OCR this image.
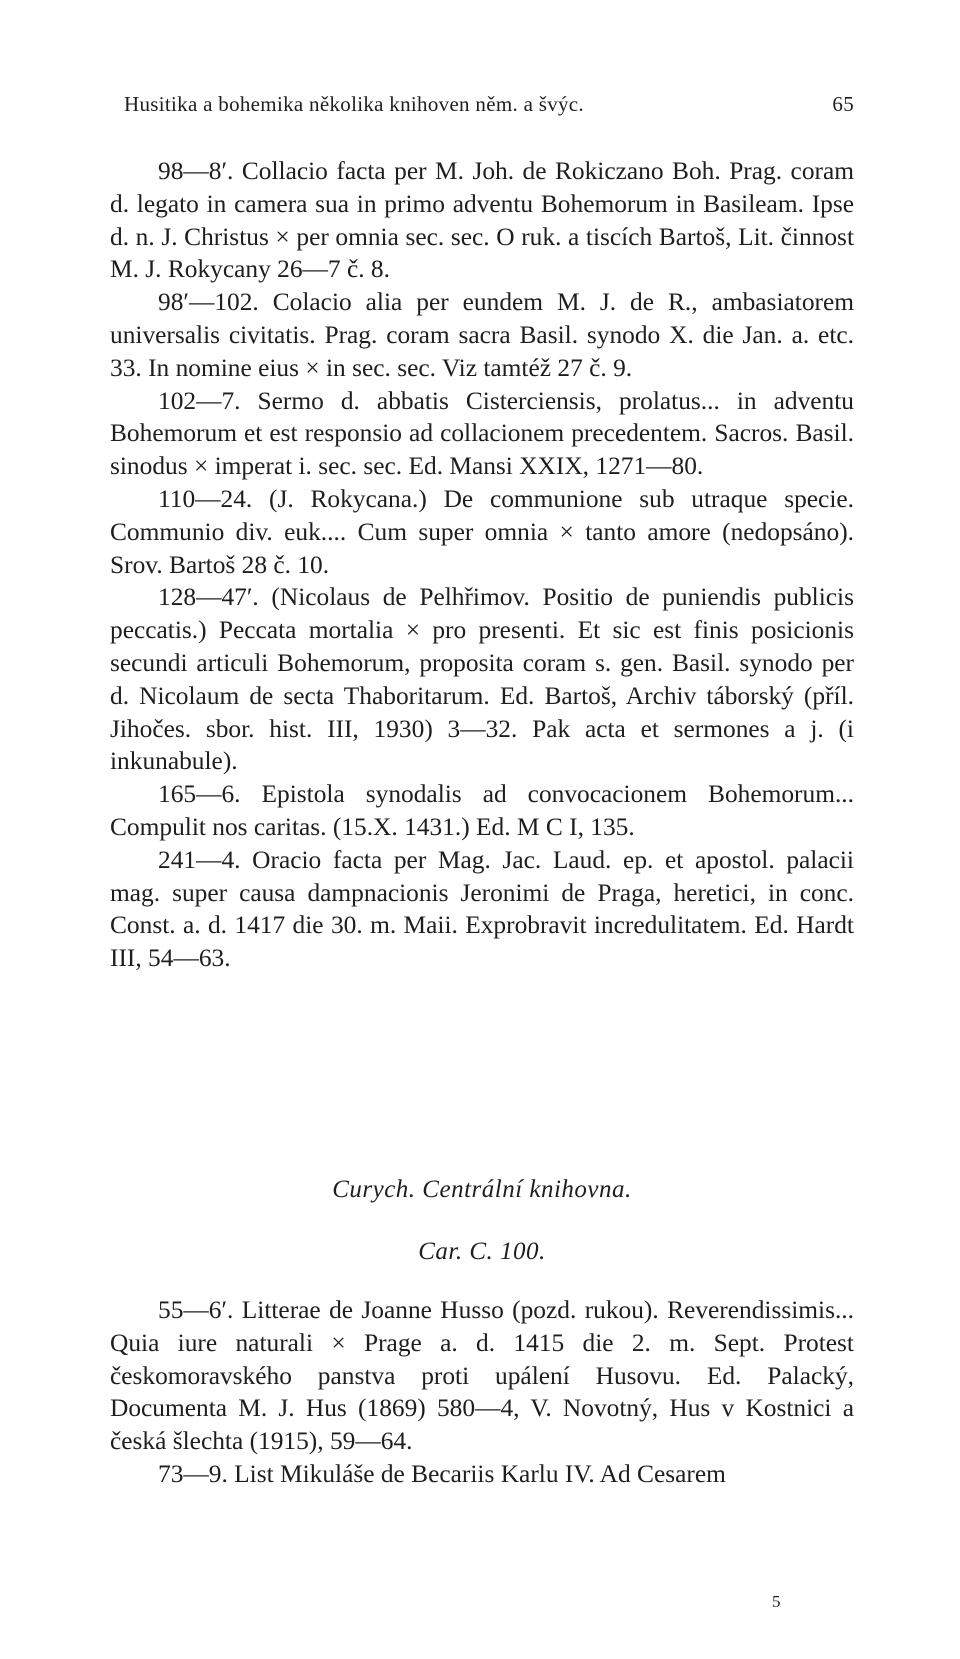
Husitika a bohemika několika knihoven něm. a švýc.	65

98—8′. Collacio facta per M. Joh. de Rokiczano Boh. Prag. coram d. legato in camera sua in primo adventu Bohemorum in Basileam. Ipse d. n. J. Christus × per omnia sec. sec. O ruk. a tiscích Bartoš, Lit. činnost M. J. Rokycany 26—7 č. 8.

98′—102. Colacio alia per eundem M. J. de R., ambasiatorem universalis civitatis. Prag. coram sacra Basil. synodo X. die Jan. a. etc. 33. In nomine eius × in sec. sec. Viz tamtéž 27 č. 9.

102—7. Sermo d. abbatis Cisterciensis, prolatus... in adventu Bohemorum et est responsio ad collacionem precedentem. Sacros. Basil. sinodus × imperat i. sec. sec. Ed. Mansi XXIX, 1271—80.

110—24. (J. Rokycana.) De communione sub utraque specie. Communio div. euk.... Cum super omnia × tanto amore (nedopsáno). Srov. Bartoš 28 č. 10.

128—47′. (Nicolaus de Pelhřimov. Positio de puniendis publicis peccatis.) Peccata mortalia × pro presenti. Et sic est finis posicionis secundi articuli Bohemorum, proposita coram s. gen. Basil. synodo per d. Nicolaum de secta Thaboritarum. Ed. Bartoš, Archiv táborský (příl. Jihočes. sbor. hist. III, 1930) 3—32. Pak acta et sermones a j. (i inkunabule).

165—6. Epistola synodalis ad convocacionem Bohemorum... Compulit nos caritas. (15.X. 1431.) Ed. M C I, 135.

241—4. Oracio facta per Mag. Jac. Laud. ep. et apostol. palacii mag. super causa dampnacionis Jeronimi de Praga, heretici, in conc. Const. a. d. 1417 die 30. m. Maii. Exprobravit incredulitatem. Ed. Hardt III, 54—63.

Curych. Centrální knihovna.

Car. C. 100.

55—6′. Litterae de Joanne Husso (pozd. rukou). Reverendissimis... Quia iure naturali × Prage a. d. 1415 die 2. m. Sept. Protest českomoravského panstva proti upálení Husovu. Ed. Palacký, Documenta M. J. Hus (1869) 580—4, V. Novotný, Hus v Kostnici a česká šlechta (1915), 59—64.

73—9. List Mikuláše de Becariis Karlu IV. Ad Cesarem

5
